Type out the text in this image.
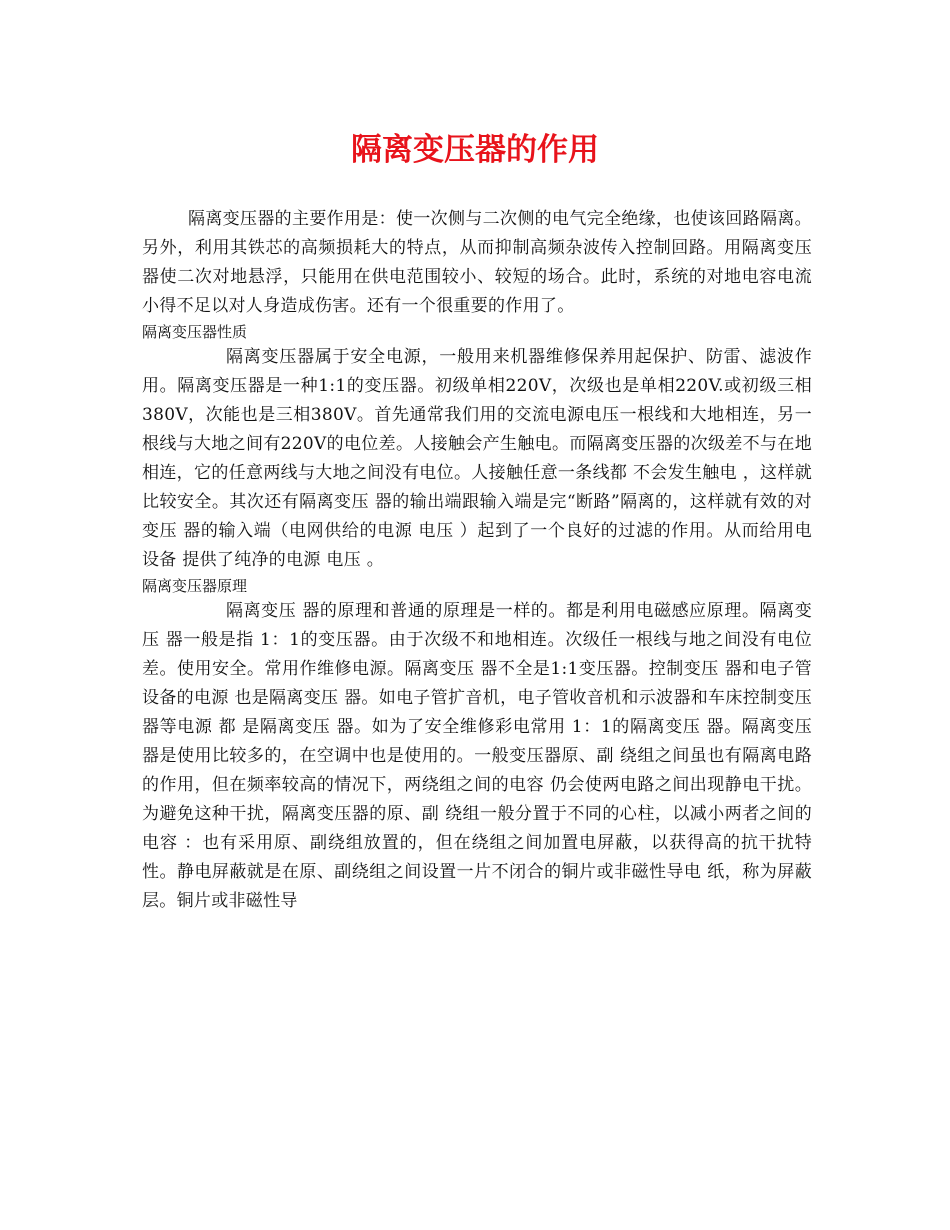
隔离变压器的作用

隔离变压器的主要作用是：使一次侧与二次侧的电气完全绝缘，也使该回路隔离。另外，利用其铁芯的高频损耗大的特点，从而抑制高频杂波传入控制回路。用隔离变压器使二次对地悬浮，只能用在供电范围较小、较短的场合。此时，系统的对地电容电流小得不足以对人身造成伤害。还有一个很重要的作用了。

隔离变压器性质

隔离变压器属于安全电源，一般用来机器维修保养用起保护、防雷、滤波作用。隔离变压器是一种1:1的变压器。初级单相220V，次级也是单相220V.或初级三相380V，次能也是三相380V。首先通常我们用的交流电源电压一根线和大地相连，另一根线与大地之间有220V的电位差。人接触会产生触电。而隔离变压器的次级差不与在地相连，它的任意两线与大地之间没有电位。人接触任意一条线都 不会发生触电 ，这样就比较安全。其次还有隔离变压 器的输出端跟输入端是完“断路”隔离的，这样就有效的对变压 器的输入端（电网供给的电源 电压 ）起到了一个良好的过滤的作用。从而给用电设备 提供了纯净的电源 电压 。

隔离变压器原理

隔离变压 器的原理和普通的原理是一样的。都是利用电磁感应原理。隔离变压 器一般是指 1：1的变压器。由于次级不和地相连。次级任一根线与地之间没有电位差。使用安全。常用作维修电源。隔离变压 器不全是1:1变压器。控制变压 器和电子管设备的电源 也是隔离变压 器。如电子管扩音机，电子管收音机和示波器和车床控制变压器等电源 都 是隔离变压 器。如为了安全维修彩电常用 1：1的隔离变压 器。隔离变压 器是使用比较多的，在空调中也是使用的。一般变压器原、副 绕组之间虽也有隔离电路的作用，但在频率较高的情况下，两绕组之间的电容 仍会使两电路之间出现静电干扰。为避免这种干扰，隔离变压器的原、副 绕组一般分置于不同的心柱，以减小两者之间的电容 ：也有采用原、副绕组放置的，但在绕组之间加置电屏蔽，以获得高的抗干扰特性。静电屏蔽就是在原、副绕组之间设置一片不闭合的铜片或非磁性导电 纸，称为屏蔽层。铜片或非磁性导
